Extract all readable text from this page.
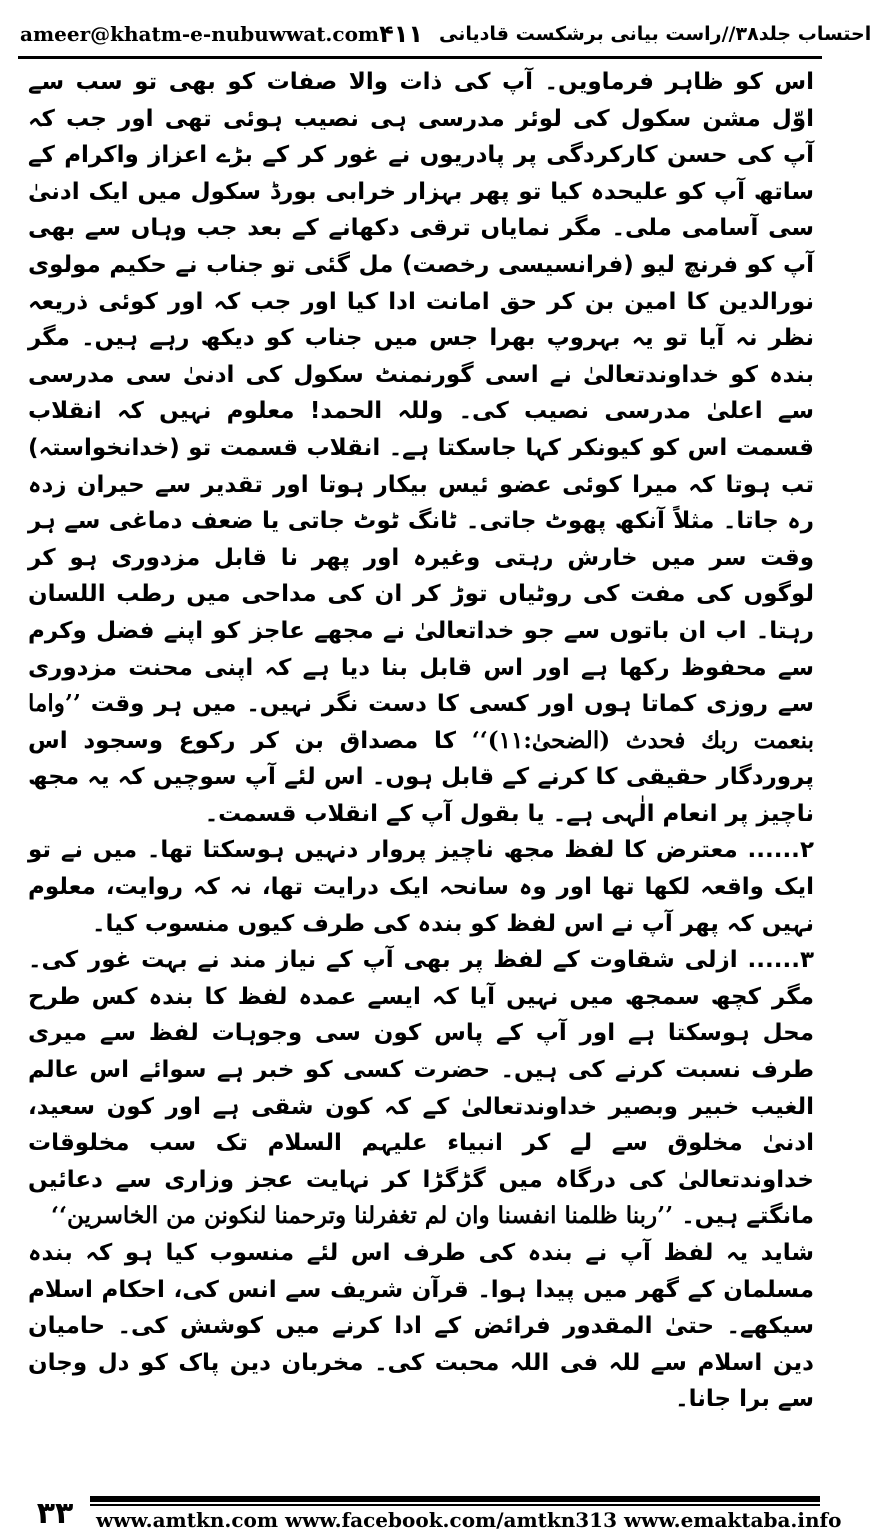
ameer@khatm-e-nubuwwat.com	احتساب جلد۳۸//راست بیانی برشکست قادیانی
۴۱۱

اس کو ظاہر فرماویں۔ آپ کی ذات والا صفات کو بھی تو سب سے اوّل مشن سکول کی لوئر مدرسی ہی نصیب ہوئی تھی اور جب کہ آپ کی حسن کارکردگی پر پادریوں نے غور کر کے بڑے اعزاز واکرام کے ساتھ آپ کو علیحدہ کیا تو پھر بہزار خرابی بورڈ سکول میں ایک ادنیٰ سی آسامی ملی۔ مگر نمایاں ترقی دکھانے کے بعد جب وہاں سے بھی آپ کو فرنچ لیو (فرانسیسی رخصت) مل گئی تو جناب نے حکیم مولوی نورالدین کا امین بن کر حق امانت ادا کیا اور جب کہ اور کوئی ذریعہ نظر نہ آیا تو یہ بہروپ بھرا جس میں جناب کو دیکھ رہے ہیں۔ مگر بندہ کو خداوندتعالیٰ نے اسی گورنمنٹ سکول کی ادنیٰ سی مدرسی سے اعلیٰ مدرسی نصیب کی۔ وللہ الحمد! معلوم نہیں کہ انقلاب قسمت اس کو کیونکر کہا جاسکتا ہے۔ انقلاب قسمت تو (خدانخواستہ) تب ہوتا کہ میرا کوئی عضو ئیس بیکار ہوتا اور تقدیر سے حیران زدہ رہ جاتا۔ مثلاً آنکھ پھوٹ جاتی۔ ٹانگ ٹوٹ جاتی یا ضعف دماغی سے ہر وقت سر میں خارش رہتی وغیرہ اور پھر نا قابل مزدوری ہو کر لوگوں کی مفت کی روٹیاں توڑ کر ان کی مداحی میں رطب اللسان رہتا۔ اب ان باتوں سے جو خداتعالیٰ نے مجھے عاجز کو اپنے فضل وکرم سے محفوظ رکھا ہے اور اس قابل بنا دیا ہے کہ اپنی محنت مزدوری سے روزی کماتا ہوں اور کسی کا دست نگر نہیں۔ میں ہر وقت ’’واما بنعمت ربك فحدث (الضحیٰ:۱۱)‘‘ کا مصداق بن کر رکوع وسجود اس پروردگار حقیقی کا کرنے کے قابل ہوں۔ اس لئے آپ سوچیں کہ یہ مجھ ناچیز پر انعام الٰہی ہے۔ یا بقول آپ کے انقلاب قسمت۔

۲...... معترض کا لفظ مجھ ناچیز پروار دنہیں ہوسکتا تھا۔ میں نے تو ایک واقعہ لکھا تھا اور وہ سانحہ ایک درایت تھا، نہ کہ روایت، معلوم نہیں کہ پھر آپ نے اس لفظ کو بندہ کی طرف کیوں منسوب کیا۔

۳...... ازلی شقاوت کے لفظ پر بھی آپ کے نیاز مند نے بہت غور کی۔ مگر کچھ سمجھ میں نہیں آیا کہ ایسے عمدہ لفظ کا بندہ کس طرح محل ہوسکتا ہے اور آپ کے پاس کون سی وجوہات لفظ سے میری طرف نسبت کرنے کی ہیں۔ حضرت کسی کو خبر ہے سوائے اس عالم الغیب خبیر وبصیر خداوندتعالیٰ کے کہ کون شقی ہے اور کون سعید، ادنیٰ مخلوق سے لے کر انبیاء علیہم السلام تک سب مخلوقات خداوندتعالیٰ کی درگاہ میں گڑگڑا کر نہایت عجز وزاری سے دعائیں مانگتے ہیں۔ ’’ربنا ظلمنا انفسنا وان لم تغفرلنا وترحمنا لنكونن من الخاسرين‘‘

شاید یہ لفظ آپ نے بندہ کی طرف اس لئے منسوب کیا ہو کہ بندہ مسلمان کے گھر میں پیدا ہوا۔ قرآن شریف سے انس کی، احکام اسلام سیکھے۔ حتیٰ المقدور فرائض کے ادا کرنے میں کوشش کی۔ حامیان دین اسلام سے للہ فی اللہ محبت کی۔ مخربان دین پاک کو دل وجان سے برا جانا۔

۳۳	www.amtkn.com www.facebook.com/amtkn313 www.emaktaba.info
